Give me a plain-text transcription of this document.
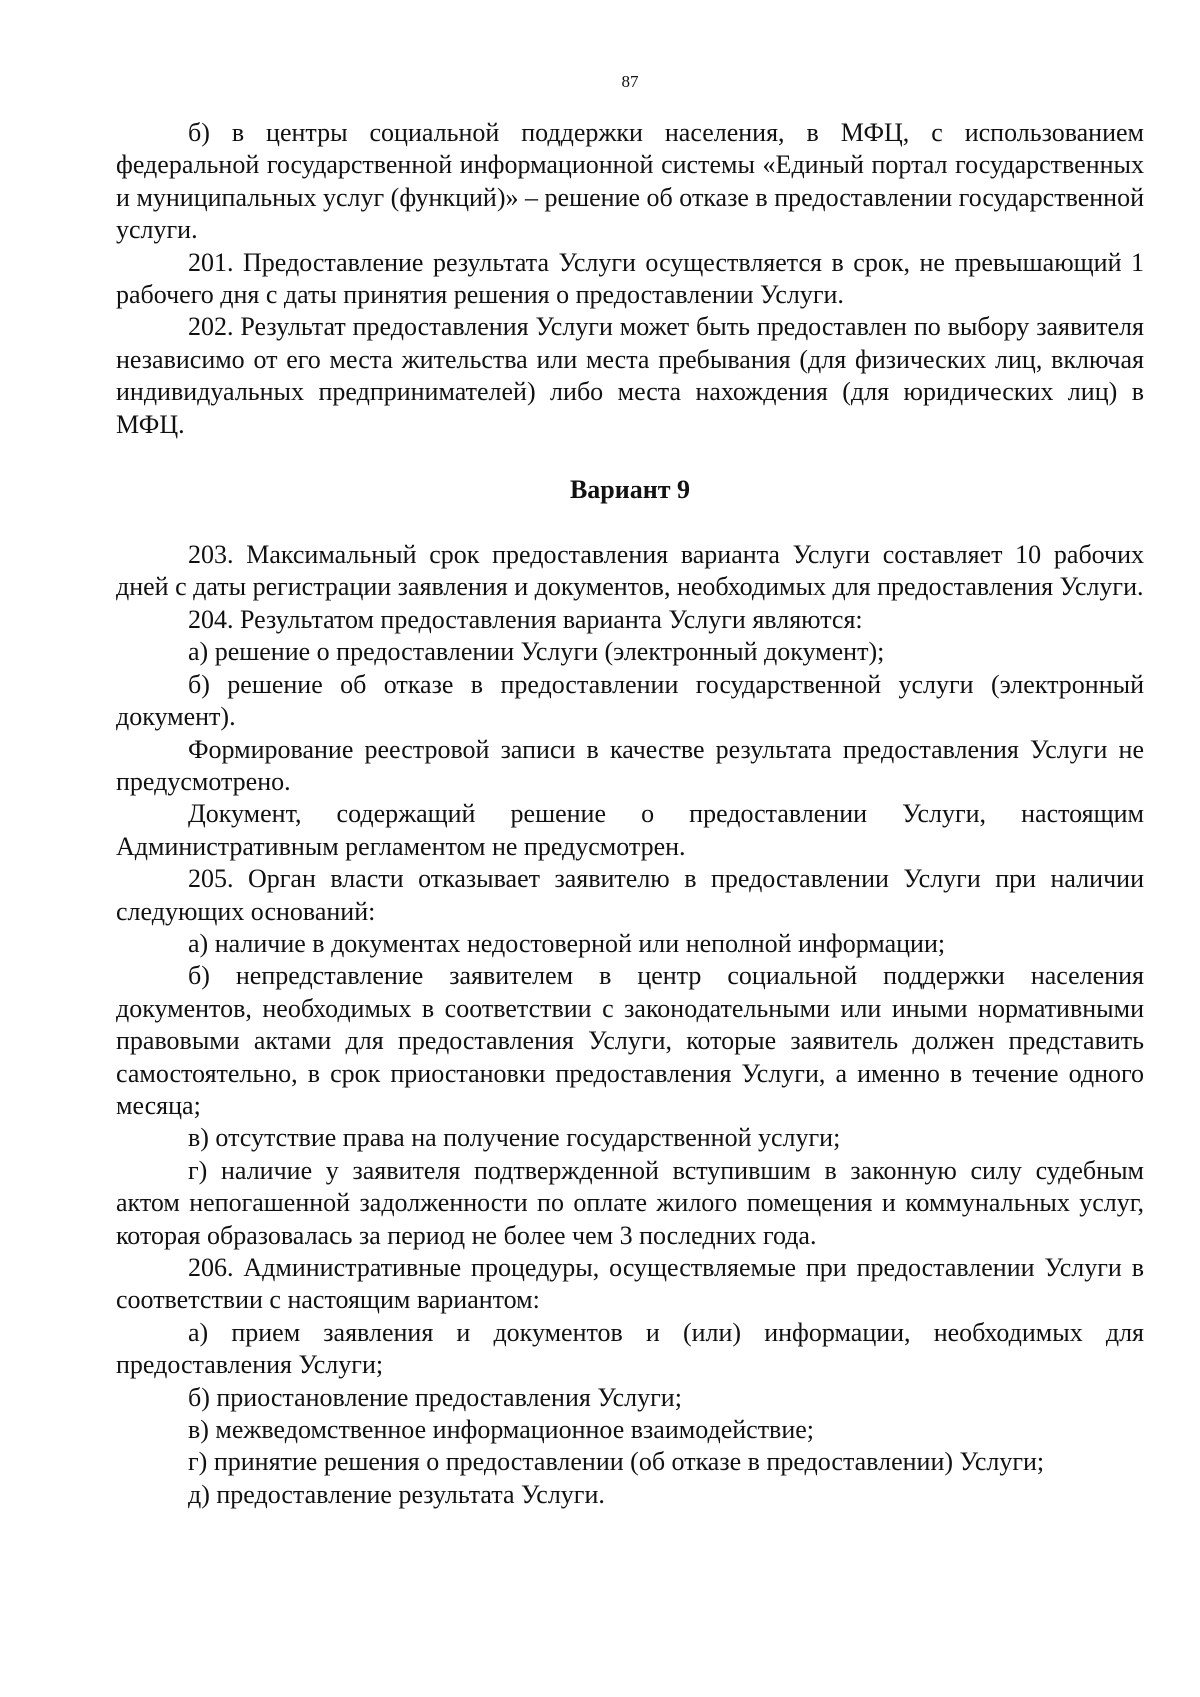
87

б) в центры социальной поддержки населения, в МФЦ, с использованием федеральной государственной информационной системы «Единый портал государственных и муниципальных услуг (функций)» – решение об отказе в предоставлении государственной услуги.

201. Предоставление результата Услуги осуществляется в срок, не превышающий 1 рабочего дня с даты принятия решения о предоставлении Услуги.

202. Результат предоставления Услуги может быть предоставлен по выбору заявителя независимо от его места жительства или места пребывания (для физических лиц, включая индивидуальных предпринимателей) либо места нахождения (для юридических лиц) в МФЦ.

Вариант 9

203. Максимальный срок предоставления варианта Услуги составляет 10 рабочих дней с даты регистрации заявления и документов, необходимых для предоставления Услуги.

204. Результатом предоставления варианта Услуги являются:

а) решение о предоставлении Услуги (электронный документ);

б) решение об отказе в предоставлении государственной услуги (электронный документ).

Формирование реестровой записи в качестве результата предоставления Услуги не предусмотрено.

Документ, содержащий решение о предоставлении Услуги, настоящим Административным регламентом не предусмотрен.

205. Орган власти отказывает заявителю в предоставлении Услуги при наличии следующих оснований:

а) наличие в документах недостоверной или неполной информации;

б) непредставление заявителем в центр социальной поддержки населения документов, необходимых в соответствии с законодательными или иными нормативными правовыми актами для предоставления Услуги, которые заявитель должен представить самостоятельно, в срок приостановки предоставления Услуги, а именно в течение одного месяца;

в) отсутствие права на получение государственной услуги;

г) наличие у заявителя подтвержденной вступившим в законную силу судебным актом непогашенной задолженности по оплате жилого помещения и коммунальных услуг, которая образовалась за период не более чем 3 последних года.

206. Административные процедуры, осуществляемые при предоставлении Услуги в соответствии с настоящим вариантом:

а) прием заявления и документов и (или) информации, необходимых для предоставления Услуги;

б) приостановление предоставления Услуги;

в) межведомственное информационное взаимодействие;

г) принятие решения о предоставлении (об отказе в предоставлении) Услуги;

д) предоставление результата Услуги.
